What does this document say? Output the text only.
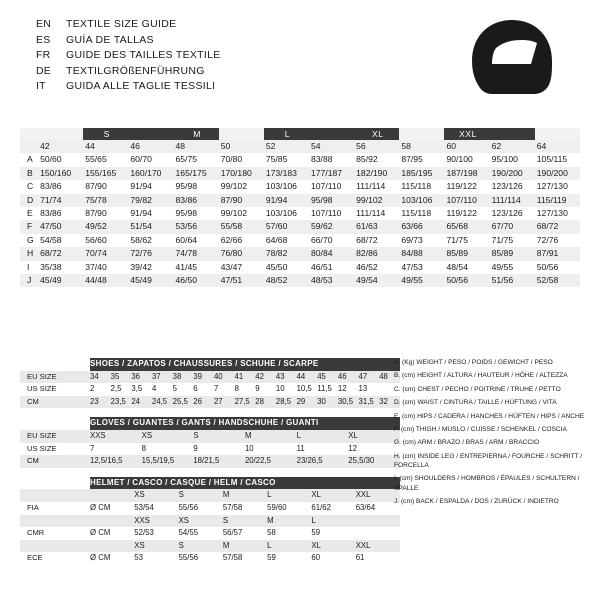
EN	TEXTILE SIZE GUIDE
ES	GUÍA DE TALLAS
FR	GUIDE DES TAILLES TEXTILE
DE	TEXTILGRÖßENFÜHRUNG
IT	GUIDA ALLE TAGLIE TESSILI
		S		M		L		XL		XXL		
	42	44	46	48	50	52	54	56	58	60	62	64
A	50/60	55/65	60/70	65/75	70/80	75/85	83/88	85/92	87/95	90/100	95/100	105/115
B	150/160	155/165	160/170	165/175	170/180	173/183	177/187	182/190	185/195	187/198	190/200	190/200
C	83/86	87/90	91/94	95/98	99/102	103/106	107/110	111/114	115/118	119/122	123/126	127/130
D	71/74	75/78	79/82	83/86	87/90	91/94	95/98	99/102	103/106	107/110	111/114	115/119
E	83/86	87/90	91/94	95/98	99/102	103/106	107/110	111/114	115/118	119/122	123/126	127/130
F	47/50	49/52	51/54	53/56	55/58	57/60	59/62	61/63	63/66	65/68	67/70	68/72
G	54/58	56/60	58/62	60/64	62/66	64/68	66/70	68/72	69/73	71/75	71/75	72/76
H	68/72	70/74	72/76	74/78	76/80	78/82	80/84	82/86	84/88	85/89	85/89	87/91
I	35/38	37/40	39/42	41/45	43/47	45/50	46/51	46/52	47/53	48/54	49/55	50/56
J	45/49	44/48	45/49	46/50	47/51	48/52	48/53	49/54	49/55	50/56	51/56	52/58
	SHOES / ZAPATOS / CHAUSSURES / SCHUHE / SCARPE														
EU SIZE	34	35	36	37	38	39	40	41	42	43	44	45	46	47	48
US SIZE	2	2,5	3,5	4	5	6	7	8	9	10	10,5	11,5	12	13	
CM	23	23,5	24	24,5	25,5	26	27	27,5	28	28,5	29	30	30,5	31,5	32
	GLOVES / GUANTES / GANTS / HANDSCHUHE / GUANTI					
EU SIZE	XXS	XS	S	M	L	XL
US SIZE	7	8	9	10	11	12
CM	12,5/16,5	15,5/19,5	18/21,5	20/22,5	23/26,5	25,5/30
	HELMET / CASCO / CASQUE / HELM / CASCO						
		XS	S	M	L	XL	XXL
FIA	Ø CM	53/54	55/56	57/58	59/60	61/62	63/64
		XXS	XS	S	M	L	
CMR	Ø CM	52/53	54/55	56/57	58	59	
		XS	S	M	L	XL	XXL
ECE	Ø CM	53	55/56	57/58	59	60	61
A. (Kg) WEIGHT / PESO / POIDS / GEWICHT / PESO
B. (cm) HEIGHT / ALTURA / HAUTEUR / HÖHE / ALTEZZA
C. (cm) CHEST / PECHO / POITRINE / TRUHE / PETTO
D. (cm) WAIST / CINTURA / TAILLE / HÜFTUNG / VITA
E. (cm) HIPS / CADERA / HANCHES / HÜFTEN / HIPS / ANCHE
F. (cm) THIGH / MUSLO / CUISSE / SCHENKEL / COSCIA
G. (cm) ARM / BRAZO / BRAS / ARM / BRACCIO
H. (cm) INSIDE LEG / ENTREPIERNA / FOURCHE / SCHRITT / FORCELLA
I. (cm) SHOULDERS / HOMBROS / ÉPAULES / SCHULTERN / SPALLE
J. (cm) BACK / ESPALDA / DOS / ZURÜCK / INDIETRO
